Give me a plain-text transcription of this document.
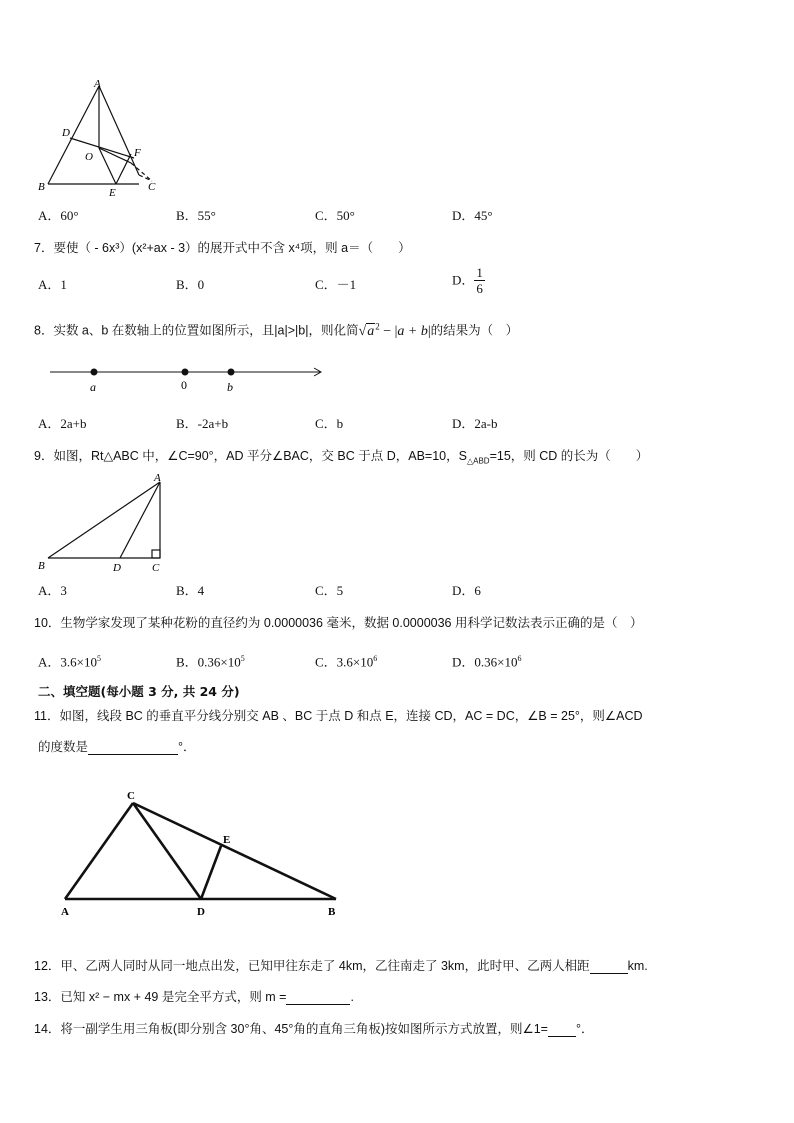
A
D
O	F
B	E	C
A．60°	B．55°	C．50°	D．45°
7．要使（ - 6x³）(x²+ax - 3）的展开式中不含 x⁴项，则 a＝（　　）
A．1	B．0	C．－1	D． $\frac{1}{6}$
8．实数 a、b 在数轴上的位置如图所示，且|a|>|b|，则化简$√a^2 - |a + b|$的结果为（　）
a	0	b
A．2a+b	B．-2a+b	C．b	D．2a-b
9．如图，Rt△ABC 中，∠C=90°，AD 平分∠BAC，交 BC 于点 D，AB=10，$S_{\triangle ABD}=15$，则 CD 的长为（　　）
A
B	D	C
A．3	B．4	C．5	D．6
10．生物学家发现了某种花粉的直径约为 0.0000036 毫米，数据 0.0000036 用科学记数法表示正确的是（　）
A．$3.6\times 10^5$	B．$0.36\times 10^5$	C．$3.6\times 10^6$	D．$0.36\times 10^6$
二、填空题(每小题 3 分, 共 24 分)
11．如图，线段 BC 的垂直平分线分别交 AB 、BC 于点 D 和点 E，连接 CD，AC = DC，∠B = 25°，则∠ACD
的度数是	°．
C
E
A	D	B
12．甲、乙两人同时从同一地点出发，已知甲往东走了 4km，乙往南走了 3km，此时甲、乙两人相距	km.
13．已知 x² − mx + 49 是完全平方式，则 m =	.
14．将一副学生用三角板(即分别含 30°角、45°角的直角三角板)按如图所示方式放置，则∠1= °．
